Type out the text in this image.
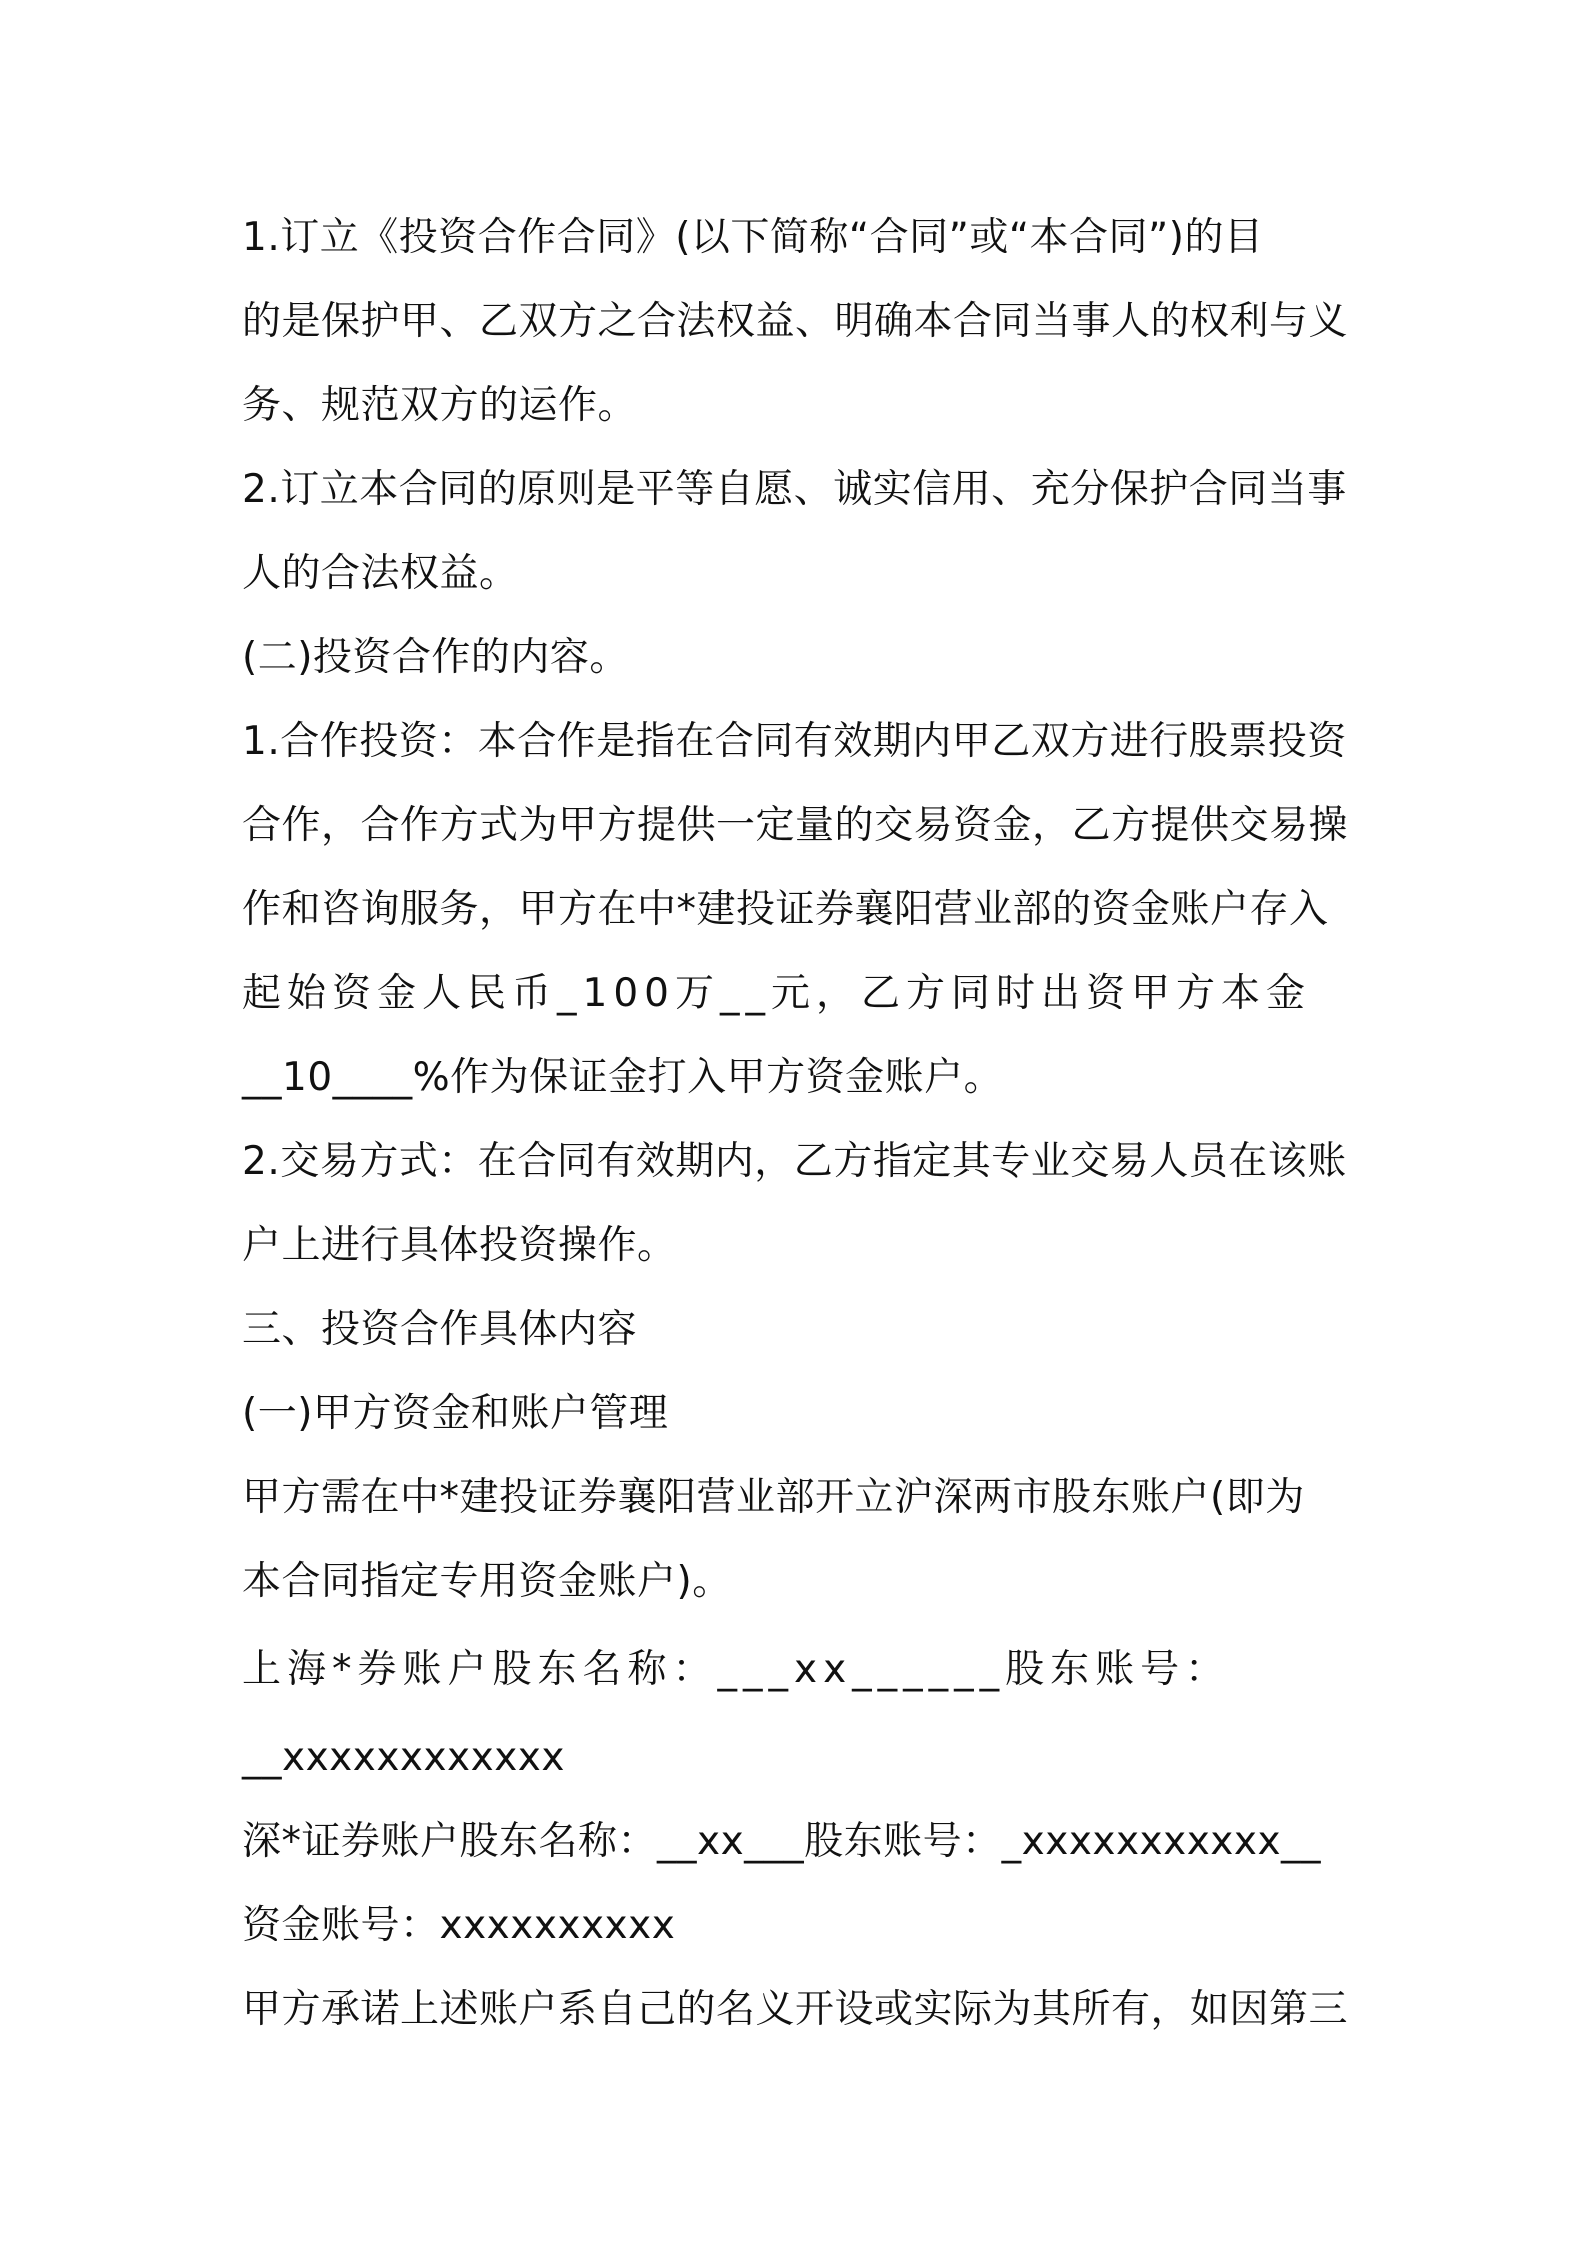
1.订立《投资合作合同》(以下简称“合同”或“本合同”)的目
的是保护甲、乙双方之合法权益、明确本合同当事人的权利与义
务、规范双方的运作。
2.订立本合同的原则是平等自愿、诚实信用、充分保护合同当事
人的合法权益。
(二)投资合作的内容。
1.合作投资：本合作是指在合同有效期内甲乙双方进行股票投资
合作，合作方式为甲方提供一定量的交易资金，乙方提供交易操
作和咨询服务，甲方在中*建投证券襄阳营业部的资金账户存入
起始资金人民币_100万__元，乙方同时出资甲方本金
__10____%作为保证金打入甲方资金账户。
2.交易方式：在合同有效期内，乙方指定其专业交易人员在该账
户上进行具体投资操作。
三、投资合作具体内容
(一)甲方资金和账户管理
甲方需在中*建投证券襄阳营业部开立沪深两市股东账户(即为
本合同指定专用资金账户)。
上海*券账户股东名称：___xx______股东账号：
__xxxxxxxxxxxx
深*证券账户股东名称：__xx___股东账号：_xxxxxxxxxxx__
资金账号：xxxxxxxxxx
甲方承诺上述账户系自己的名义开设或实际为其所有，如因第三
